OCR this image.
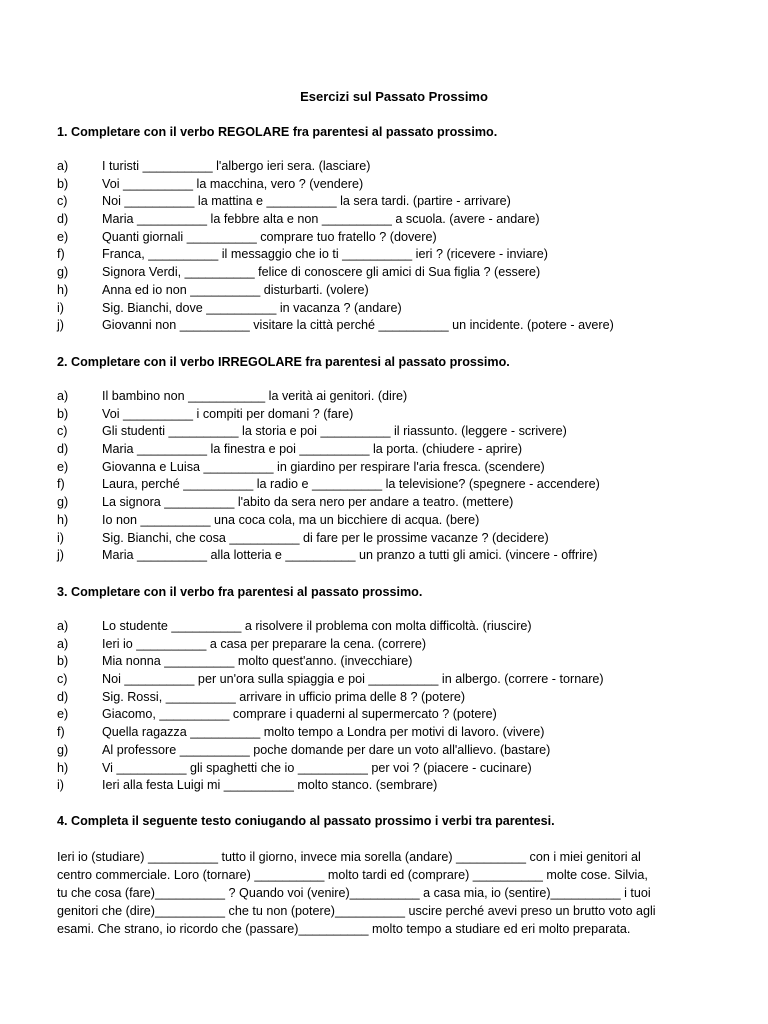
Esercizi sul Passato Prossimo
1. Completare con il verbo REGOLARE fra parentesi al passato prossimo.
a)	I turisti __________ l'albergo ieri sera. (lasciare)
b)	Voi __________ la macchina, vero ? (vendere)
c)	Noi __________ la mattina e __________ la sera tardi. (partire - arrivare)
d)	Maria __________ la febbre alta e non __________ a scuola. (avere - andare)
e)	Quanti giornali __________ comprare tuo fratello ? (dovere)
f)	Franca, __________ il messaggio che io ti __________ ieri ? (ricevere - inviare)
g)	Signora Verdi, __________ felice di conoscere gli amici di Sua figlia ? (essere)
h)	Anna ed io non __________ disturbarti. (volere)
i)	Sig. Bianchi, dove __________ in vacanza ? (andare)
j)	Giovanni non __________ visitare la città perché __________ un incidente. (potere - avere)
2. Completare con il verbo IRREGOLARE fra parentesi al passato prossimo.
a)	Il bambino non ___________ la verità ai genitori. (dire)
b)	Voi __________ i compiti per domani ? (fare)
c)	Gli studenti __________ la storia e poi __________ il riassunto. (leggere - scrivere)
d)	Maria __________ la finestra e poi __________ la porta. (chiudere - aprire)
e)	Giovanna e Luisa __________ in giardino per respirare l'aria fresca. (scendere)
f)	Laura, perché __________ la radio e __________ la televisione? (spegnere - accendere)
g)	La signora __________ l'abito da sera nero per andare a teatro. (mettere)
h)	Io non __________ una coca cola, ma un bicchiere di acqua. (bere)
i)	Sig. Bianchi, che cosa __________ di fare per le prossime vacanze ? (decidere)
j)	Maria __________ alla lotteria e __________ un pranzo a tutti gli amici. (vincere - offrire)
3. Completare con il verbo fra parentesi al passato prossimo.
a)	Lo studente __________ a risolvere il problema con molta difficoltà. (riuscire)
a)	Ieri io __________ a casa per preparare la cena. (correre)
b)	Mia nonna __________ molto quest'anno. (invecchiare)
c)	Noi __________ per un'ora sulla spiaggia e poi __________ in albergo. (correre - tornare)
d)	Sig. Rossi, __________ arrivare in ufficio prima delle 8 ? (potere)
e)	Giacomo, __________ comprare i quaderni al supermercato ? (potere)
f)	Quella ragazza __________ molto tempo a Londra per motivi di lavoro. (vivere)
g)	Al professore __________ poche domande per dare un voto all'allievo. (bastare)
h)	Vi __________ gli spaghetti che io __________ per voi ? (piacere - cucinare)
i)	Ieri alla festa Luigi mi __________ molto stanco. (sembrare)
4. Completa il seguente testo coniugando al passato prossimo i verbi tra parentesi.
Ieri io (studiare) __________ tutto il giorno, invece mia sorella (andare) __________ con i miei genitori al
centro commerciale. Loro (tornare) __________ molto tardi ed (comprare) __________ molte cose. Silvia,
tu che cosa (fare)__________ ? Quando voi (venire)__________ a casa mia, io (sentire)__________ i tuoi
genitori che (dire)__________ che tu non (potere)__________ uscire perché avevi preso un brutto voto agli
esami. Che strano, io ricordo che (passare)__________ molto tempo a studiare ed eri molto preparata.
